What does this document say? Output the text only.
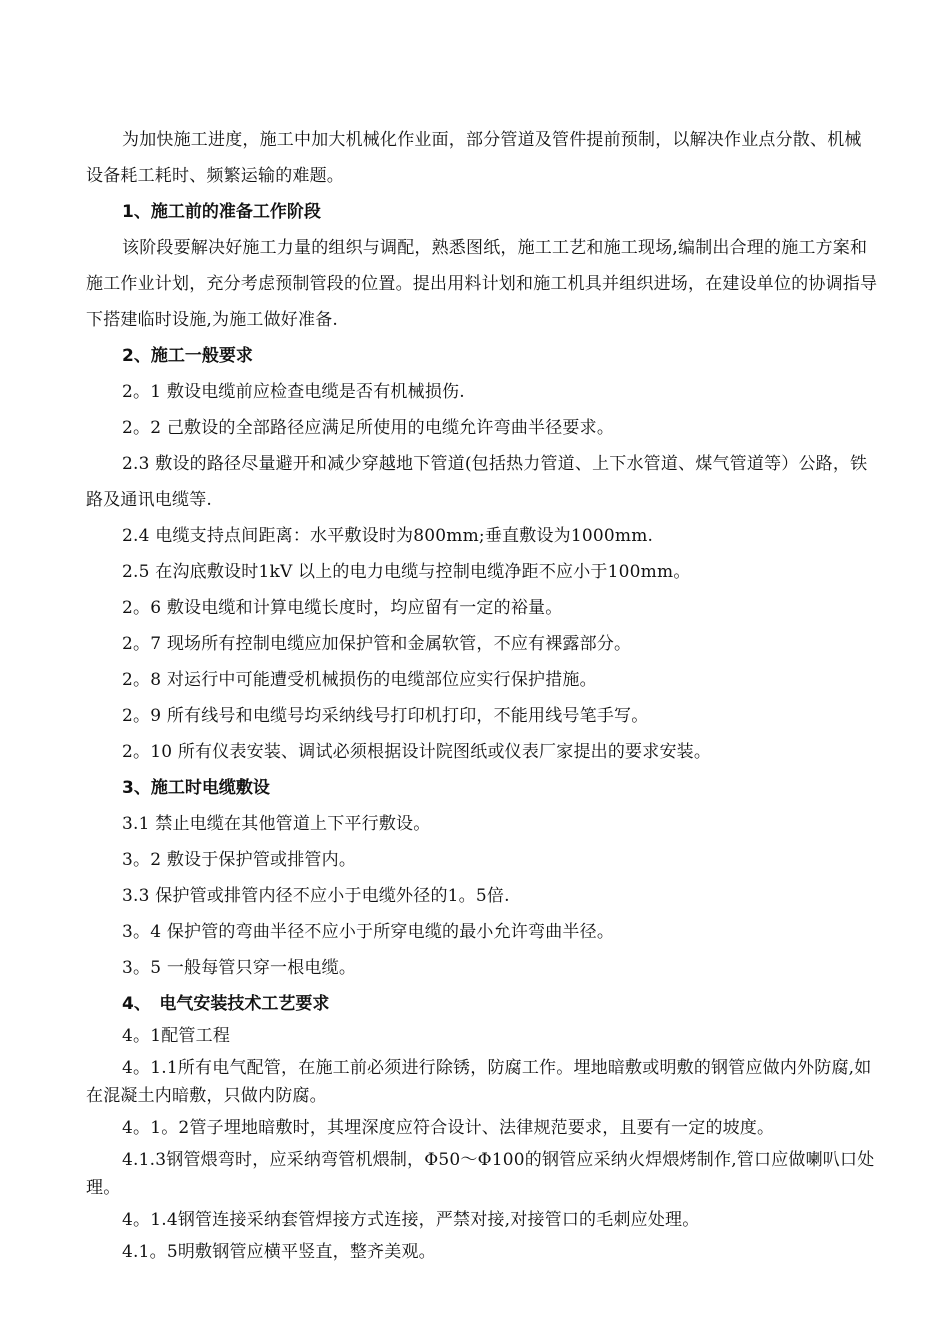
为加快施工进度，施工中加大机械化作业面，部分管道及管件提前预制，以解决作业点分散、机械设备耗工耗时、频繁运输的难题。

1、施工前的准备工作阶段

该阶段要解决好施工力量的组织与调配，熟悉图纸，施工工艺和施工现场,编制出合理的施工方案和施工作业计划，充分考虑预制管段的位置。提出用料计划和施工机具并组织进场，在建设单位的协调指导下搭建临时设施,为施工做好准备.

2、施工一般要求

2。1 敷设电缆前应检查电缆是否有机械损伤.

2。2 己敷设的全部路径应满足所使用的电缆允许弯曲半径要求。

2.3 敷设的路径尽量避开和减少穿越地下管道(包括热力管道、上下水管道、煤气管道等）公路，铁路及通讯电缆等.

2.4 电缆支持点间距离：水平敷设时为800mm;垂直敷设为1000mm.

2.5 在沟底敷设时1kV 以上的电力电缆与控制电缆净距不应小于100mm。

2。6 敷设电缆和计算电缆长度时，均应留有一定的裕量。

2。7 现场所有控制电缆应加保护管和金属软管，不应有裸露部分。

2。8 对运行中可能遭受机械损伤的电缆部位应实行保护措施。

2。9 所有线号和电缆号均采纳线号打印机打印，不能用线号笔手写。

2。10 所有仪表安装、调试必须根据设计院图纸或仪表厂家提出的要求安装。

3、施工时电缆敷设

3.1 禁止电缆在其他管道上下平行敷设。

3。2 敷设于保护管或排管内。

3.3 保护管或排管内径不应小于电缆外径的1。5倍.

3。4 保护管的弯曲半径不应小于所穿电缆的最小允许弯曲半径。

3。5 一般每管只穿一根电缆。

4、　电气安装技术工艺要求

4。1配管工程

4。1.1所有电气配管，在施工前必须进行除锈，防腐工作。埋地暗敷或明敷的钢管应做内外防腐,如在混凝土内暗敷，只做内防腐。

4。1。2管子埋地暗敷时，其埋深度应符合设计、法律规范要求，且要有一定的坡度。

4.1.3钢管煨弯时，应采纳弯管机煨制，Φ50～Φ100的钢管应采纳火焊煨烤制作,管口应做喇叭口处理。

4。1.4钢管连接采纳套管焊接方式连接，严禁对接,对接管口的毛刺应处理。

4.1。5明敷钢管应横平竖直，整齐美观。
